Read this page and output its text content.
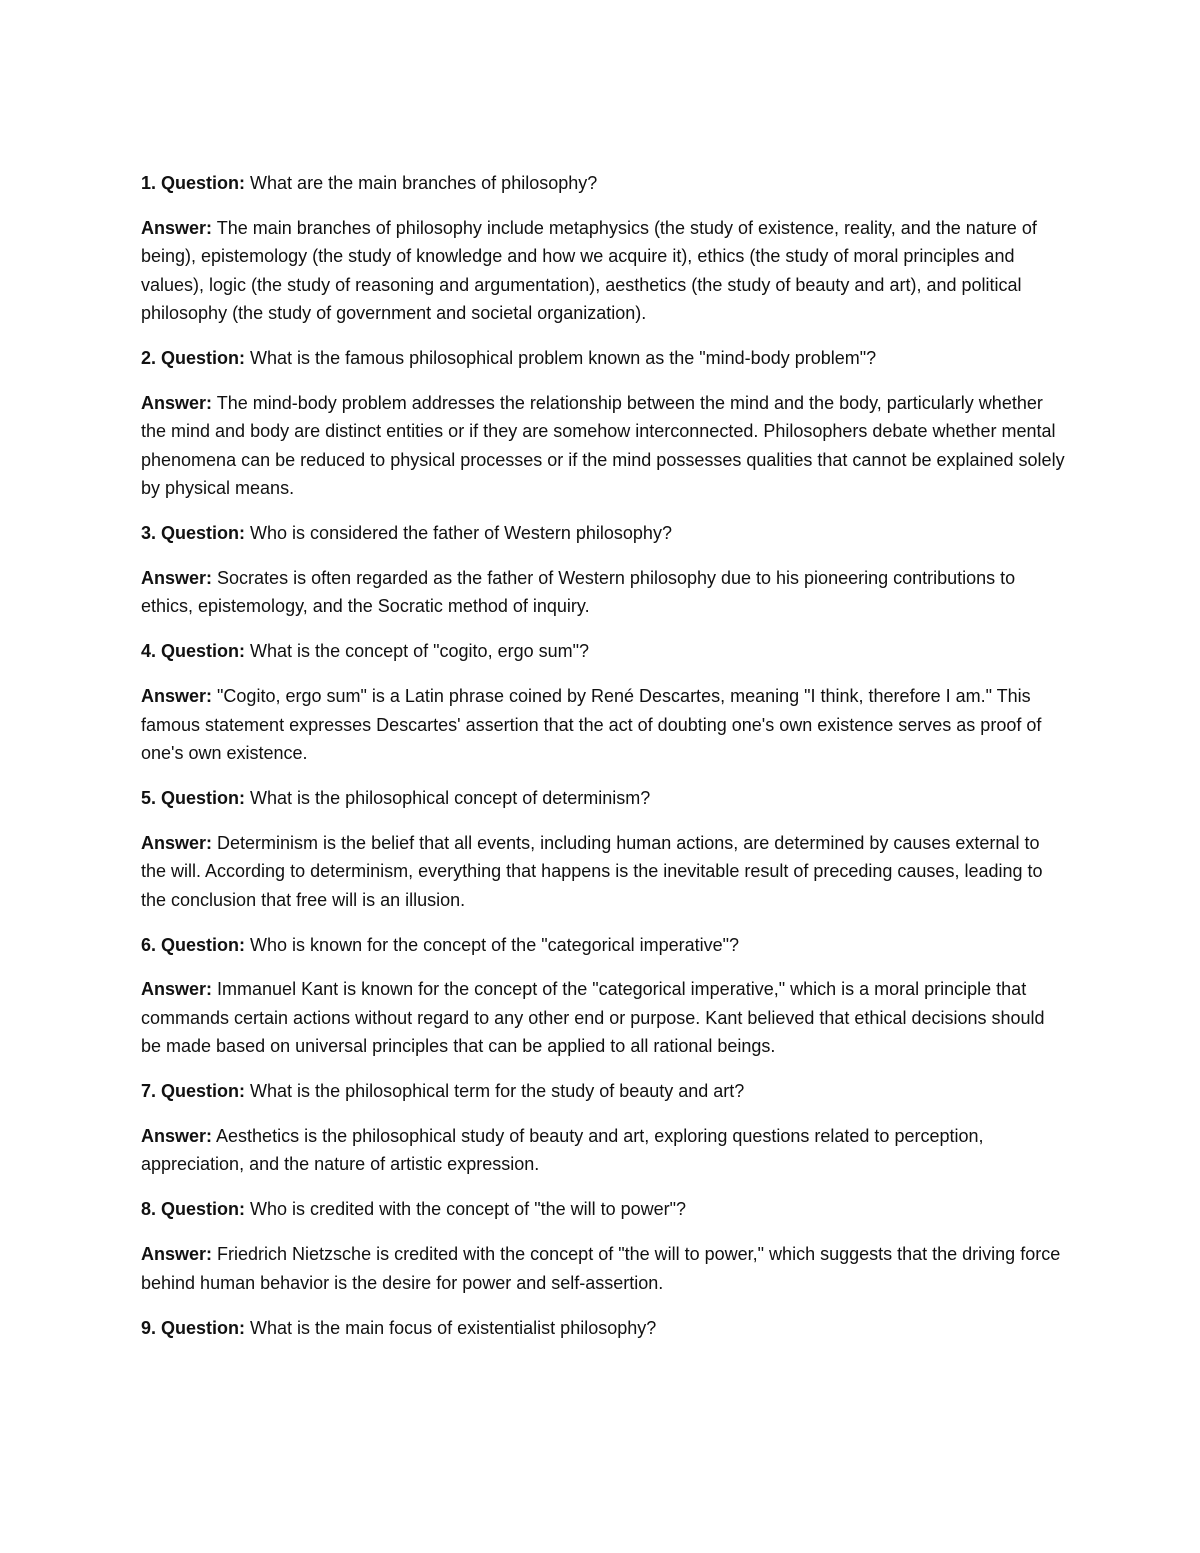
1. Question: What are the main branches of philosophy?

Answer: The main branches of philosophy include metaphysics (the study of existence, reality, and the nature of being), epistemology (the study of knowledge and how we acquire it), ethics (the study of moral principles and values), logic (the study of reasoning and argumentation), aesthetics (the study of beauty and art), and political philosophy (the study of government and societal organization).

2. Question: What is the famous philosophical problem known as the "mind-body problem"?

Answer: The mind-body problem addresses the relationship between the mind and the body, particularly whether the mind and body are distinct entities or if they are somehow interconnected. Philosophers debate whether mental phenomena can be reduced to physical processes or if the mind possesses qualities that cannot be explained solely by physical means.

3. Question: Who is considered the father of Western philosophy?

Answer: Socrates is often regarded as the father of Western philosophy due to his pioneering contributions to ethics, epistemology, and the Socratic method of inquiry.

4. Question: What is the concept of "cogito, ergo sum"?

Answer: "Cogito, ergo sum" is a Latin phrase coined by René Descartes, meaning "I think, therefore I am." This famous statement expresses Descartes' assertion that the act of doubting one's own existence serves as proof of one's own existence.

5. Question: What is the philosophical concept of determinism?

Answer: Determinism is the belief that all events, including human actions, are determined by causes external to the will. According to determinism, everything that happens is the inevitable result of preceding causes, leading to the conclusion that free will is an illusion.

6. Question: Who is known for the concept of the "categorical imperative"?

Answer: Immanuel Kant is known for the concept of the "categorical imperative," which is a moral principle that commands certain actions without regard to any other end or purpose. Kant believed that ethical decisions should be made based on universal principles that can be applied to all rational beings.

7. Question: What is the philosophical term for the study of beauty and art?

Answer: Aesthetics is the philosophical study of beauty and art, exploring questions related to perception, appreciation, and the nature of artistic expression.

8. Question: Who is credited with the concept of "the will to power"?

Answer: Friedrich Nietzsche is credited with the concept of "the will to power," which suggests that the driving force behind human behavior is the desire for power and self-assertion.

9. Question: What is the main focus of existentialist philosophy?
